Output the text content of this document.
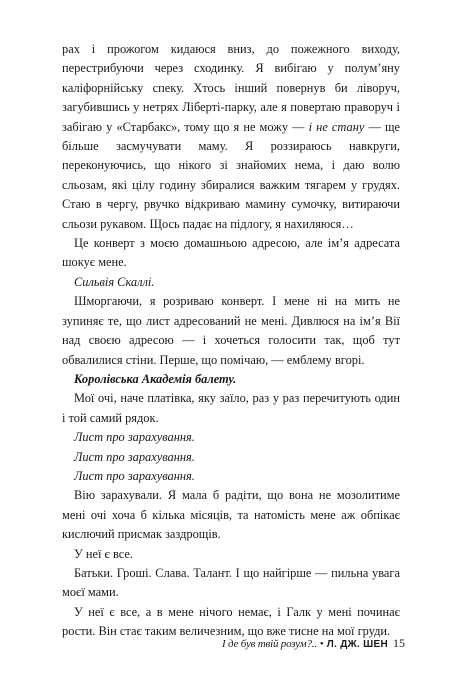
рах і прожогом кидаюся вниз, до пожежного виходу, перестрибуючи через сходинку. Я вибігаю у полум’яну каліфорнійську спеку. Хтось інший повернув би ліворуч, загубившись у нетрях Ліберті-парку, але я повертаю праворуч і забігаю у «Старбакс», тому що я не можу — і не стану — ще більше засмучувати маму. Я роззираюсь навкруги, переконуючись, що нікого зі знайомих нема, і даю волю сльозам, які цілу годину збиралися важким тягарем у грудях. Стаю в чергу, рвучко відкриваю мамину сумочку, витираючи сльози рукавом. Щось падає на підлогу, я нахиляюся…

Це конверт з моєю домашньою адресою, але ім’я адресата шокує мене.

Сильвія Скаллі.

Шморгаючи, я розриваю конверт. І мене ні на мить не зупиняє те, що лист адресований не мені. Дивлюся на ім’я Вії над своєю адресою — і хочеться голосити так, щоб тут обвалилися стіни. Перше, що помічаю, — емблему вгорі.

Королівська Академія балету.

Мої очі, наче платівка, яку заїло, раз у раз перечитують один і той самий рядок.

Лист про зарахування.

Лист про зарахування.

Лист про зарахування.

Вію зарахували. Я мала б радіти, що вона не мозолитиме мені очі хоча б кілька місяців, та натомість мене аж обпікає кислючий присмак заздрощів.

У неї є все.

Батьки. Гроші. Слава. Талант. І що найгірше — пильна увага моєї мами.

У неї є все, а в мене нічого немає, і Галк у мені починає рости. Він стає таким величезним, що вже тисне на мої груди.

І де був твій розум?.. • Л. ДЖ. ШЕН 15
